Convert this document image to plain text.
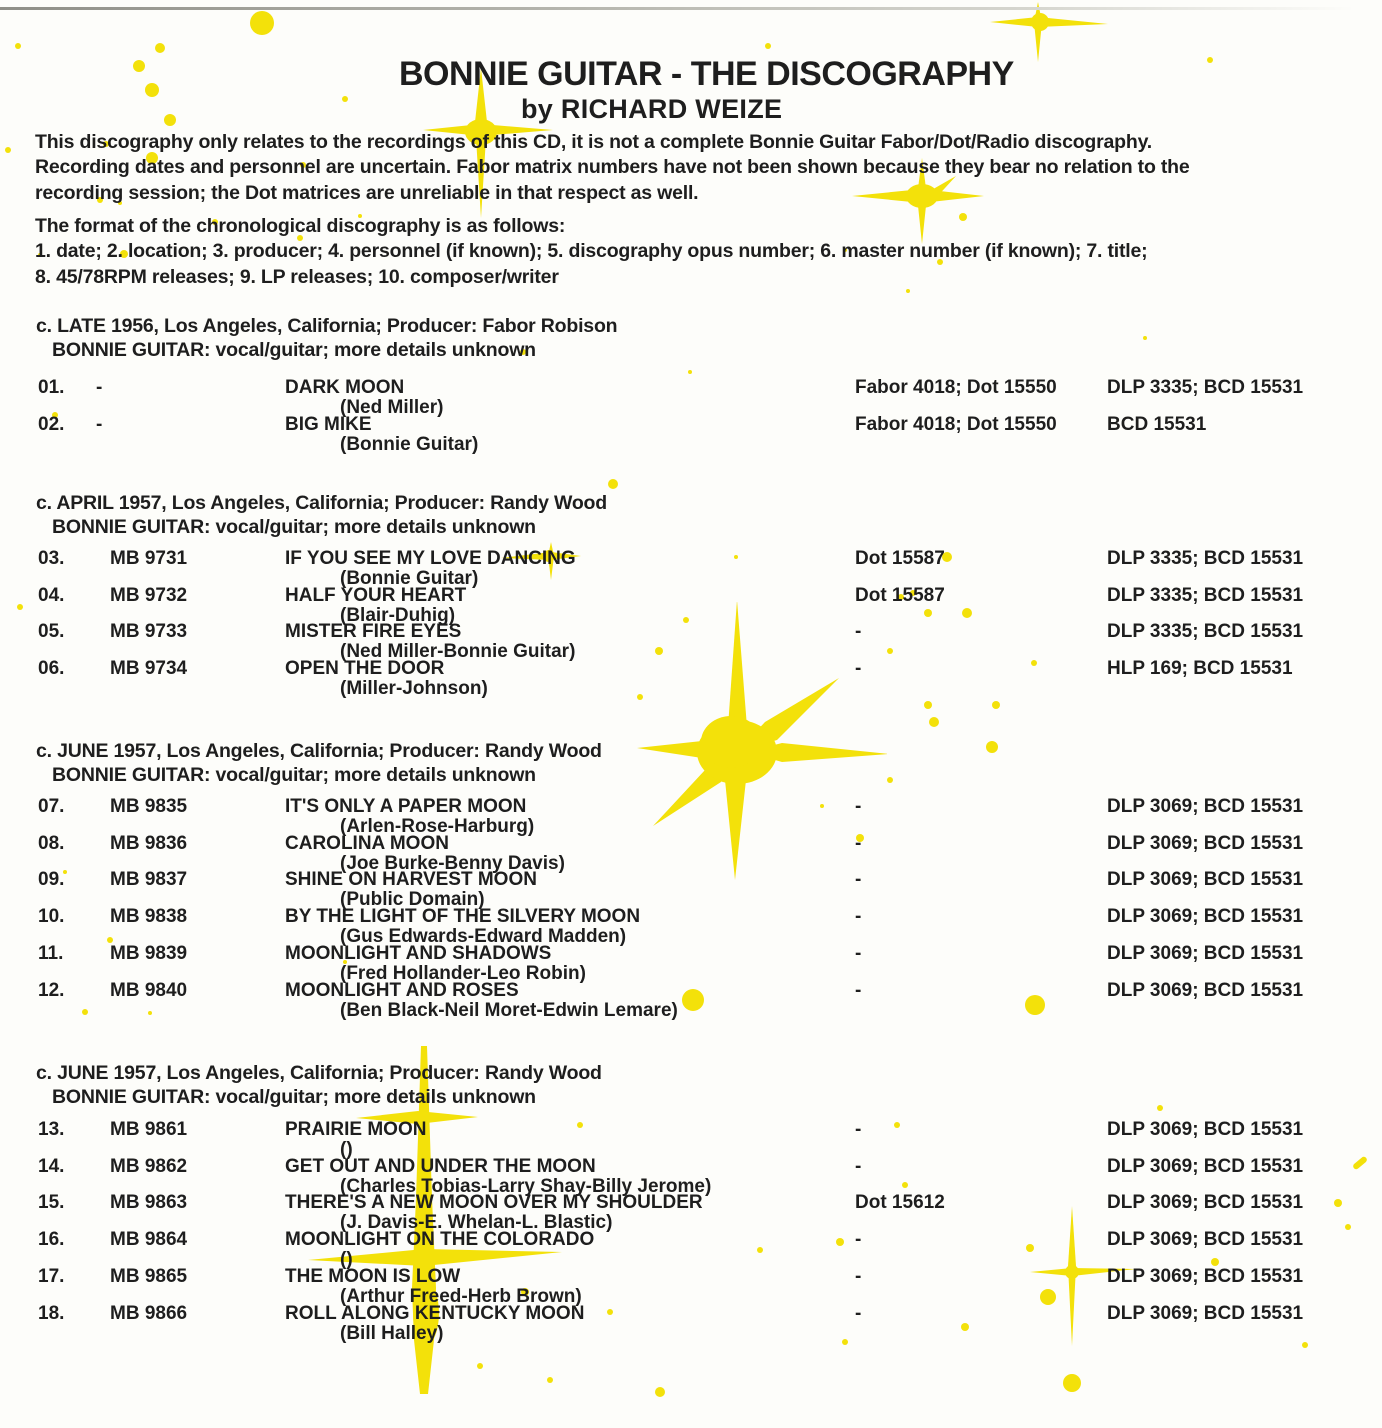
BONNIE GUITAR - THE DISCOGRAPHY
by RICHARD WEIZE
This discography only relates to the recordings of this CD, it is not a complete Bonnie Guitar Fabor/Dot/Radio discography.
Recording dates and personnel are uncertain. Fabor matrix numbers have not been shown because they bear no relation to the
recording session; the Dot matrices are unreliable in that respect as well.
The format of the chronological discography is as follows:
1. date; 2. location; 3. producer; 4. personnel (if known); 5. discography opus number; 6. master number (if known); 7. title;
8. 45/78RPM releases; 9. LP releases; 10. composer/writer
c. LATE 1956, Los Angeles, California; Producer: Fabor Robison
BONNIE GUITAR: vocal/guitar; more details unknown
01. -	DARK MOON
(Ned Miller)
Fabor 4018; Dot 15550	DLP 3335; BCD 15531
02. -	BIG MIKE
(Bonnie Guitar)
Fabor 4018; Dot 15550	BCD 15531
c. APRIL 1957, Los Angeles, California; Producer: Randy Wood
BONNIE GUITAR: vocal/guitar; more details unknown
03. MB 9731	IF YOU SEE MY LOVE DANCING
(Bonnie Guitar)
Dot 15587	DLP 3335; BCD 15531
04. MB 9732	HALF YOUR HEART
(Blair-Duhig)
Dot 15587	DLP 3335; BCD 15531
05. MB 9733	MISTER FIRE EYES
(Ned Miller-Bonnie Guitar)
-	DLP 3335; BCD 15531
06. MB 9734	OPEN THE DOOR
(Miller-Johnson)
-	HLP 169; BCD 15531
c. JUNE 1957, Los Angeles, California; Producer: Randy Wood
BONNIE GUITAR: vocal/guitar; more details unknown
07. MB 9835	IT'S ONLY A PAPER MOON
(Arlen-Rose-Harburg)
-	DLP 3069; BCD 15531
08. MB 9836	CAROLINA MOON
(Joe Burke-Benny Davis)
-	DLP 3069; BCD 15531
09. MB 9837	SHINE ON HARVEST MOON
(Public Domain)
-	DLP 3069; BCD 15531
10. MB 9838	BY THE LIGHT OF THE SILVERY MOON
(Gus Edwards-Edward Madden)
-	DLP 3069; BCD 15531
11. MB 9839	MOONLIGHT AND SHADOWS
(Fred Hollander-Leo Robin)
-	DLP 3069; BCD 15531
12. MB 9840	MOONLIGHT AND ROSES
(Ben Black-Neil Moret-Edwin Lemare)
-	DLP 3069; BCD 15531
c. JUNE 1957, Los Angeles, California; Producer: Randy Wood
BONNIE GUITAR: vocal/guitar; more details unknown
13. MB 9861	PRAIRIE MOON
()
-	DLP 3069; BCD 15531
14. MB 9862	GET OUT AND UNDER THE MOON
(Charles Tobias-Larry Shay-Billy Jerome)
-	DLP 3069; BCD 15531
15. MB 9863	THERE'S A NEW MOON OVER MY SHOULDER
(J. Davis-E. Whelan-L. Blastic)
Dot 15612	DLP 3069; BCD 15531
16. MB 9864	MOONLIGHT ON THE COLORADO
()
-	DLP 3069; BCD 15531
17. MB 9865	THE MOON IS LOW
(Arthur Freed-Herb Brown)
-	DLP 3069; BCD 15531
18. MB 9866	ROLL ALONG KENTUCKY MOON
(Bill Halley)
-	DLP 3069; BCD 15531
